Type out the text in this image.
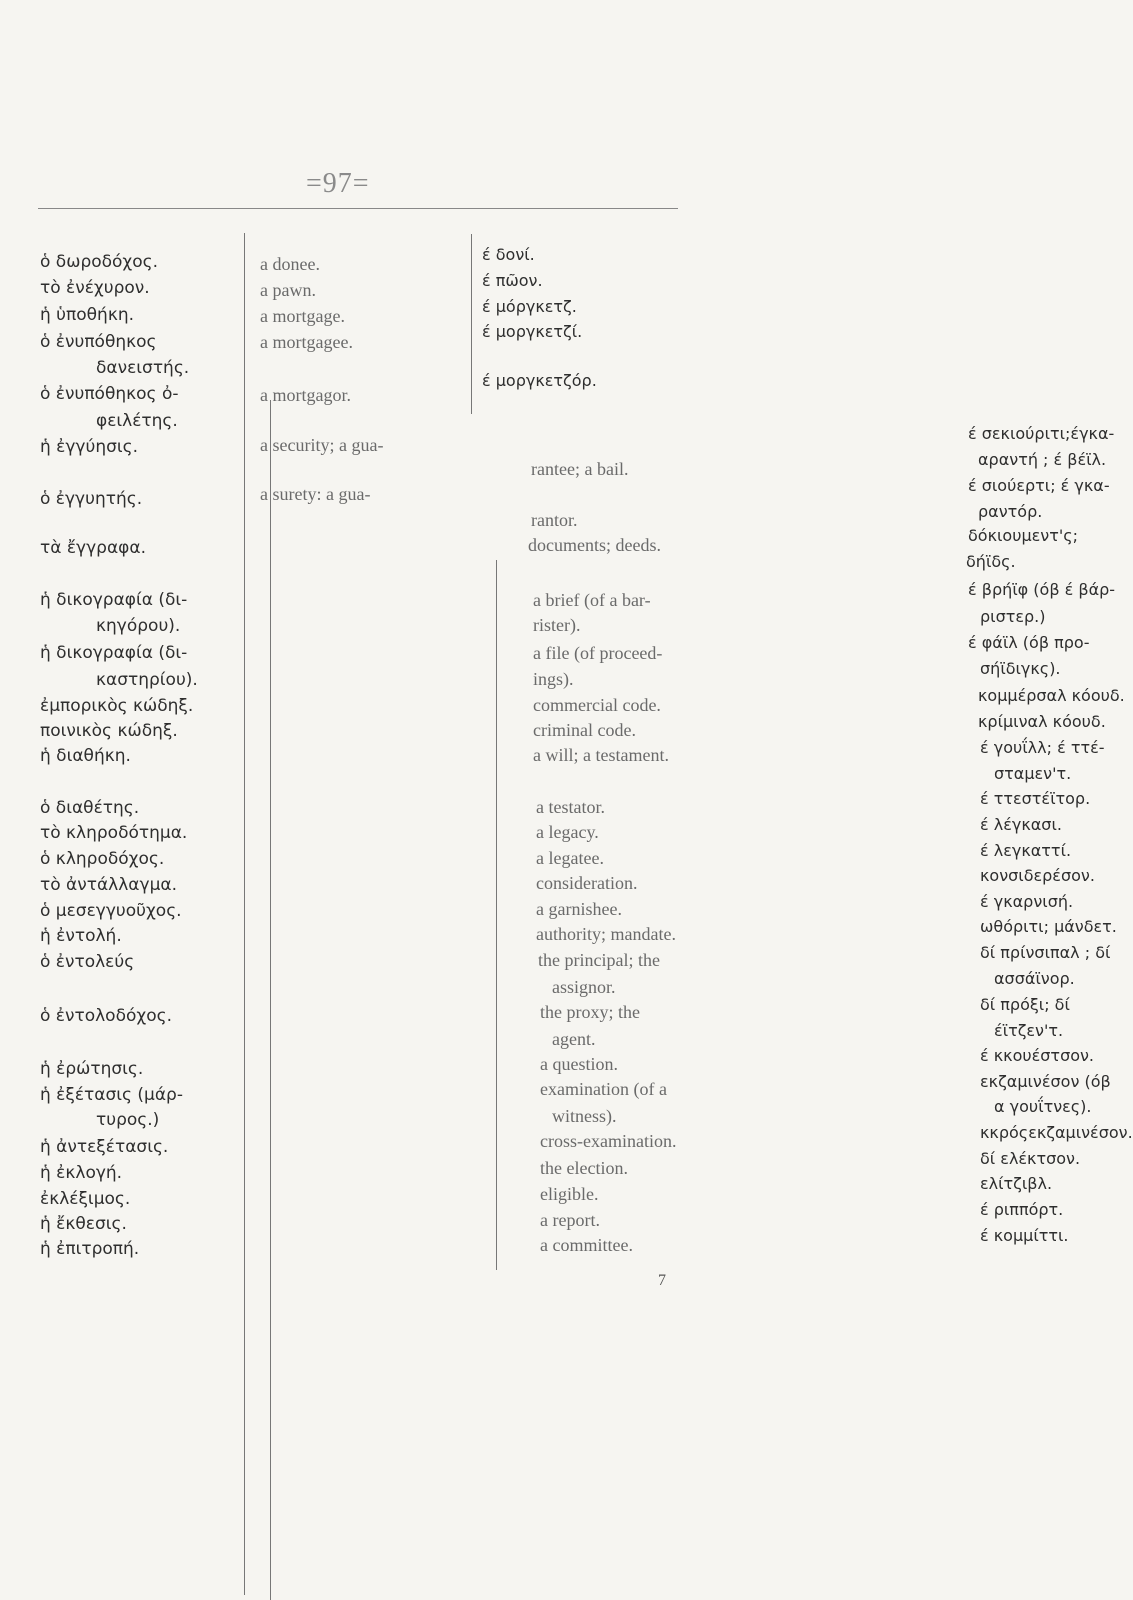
=97=
ὁ δωροδόχος.
τὸ ἐνέχυρον.
ἡ ὑποθήκη.
ὁ ἐνυπόθηκος
δανειστής.
ὁ ἐνυπόθηκος ὀ-
φειλέτης.
ἡ ἐγγύησις.
ὁ ἐγγυητής.
τὰ ἔγγραφα.
ἡ δικογραφία (δι-
κηγόρου).
ἡ δικογραφία (δι-
καστηρίου).
ἐμπορικὸς κώδηξ.
ποινικὸς κώδηξ.
ἡ διαθήκη.
ὁ διαθέτης.
τὸ κληροδότημα.
ὁ κληροδόχος.
τὸ ἀντάλλαγμα.
ὁ μεσεγγυοῦχος.
ἡ ἐντολή.
ὁ ἐντολεύς
ὁ ἐντολοδόχος.
ἡ ἐρώτησις.
ἡ ἐξέτασις (μάρ-
τυρος.)
ἡ ἀντεξέτασις.
ἡ ἐκλογή.
ἐκλέξιμος.
ἡ ἔκθεσις.
ἡ ἐπιτροπή.
a donee.
a pawn.
a mortgage.
a mortgagee.
a mortgagor.
a security; a gua-
rantee; a bail.
a surety: a gua-
rantor.
documents; deeds.
a brief (of a bar-
rister).
a file (of proceed-
ings).
commercial code.
criminal code.
a will; a testament.
a testator.
a legacy.
a legatee.
consideration.
a garnishee.
authority; mandate.
the principal; the
assignor.
the proxy; the
agent.
a question.
examination (of a
witness).
cross-examination.
the election.
eligible.
a report.
a committee.
έ δονί.
έ πῶον.
έ μόργκετζ.
έ μοργκετζί.
έ μοργκετζόρ.
έ σεκιούριτι;έγκα-
αραντή ; έ βέϊλ.
έ σιούερτι; έ γκα-
ραντόρ.
δόκιουμεντ'ς;
δήϊδς.
έ βρήϊφ (όβ έ βάρ-
ριστερ.)
έ φάϊλ (όβ προ-
σήϊδιγκς).
κομμέρσαλ κόουδ.
κρίμιναλ κόουδ.
έ γουΐλλ; έ ττέ-
σταμεν'τ.
έ ττεστέϊτορ.
έ λέγκασι.
έ λεγκαττί.
κονσιδερέσον.
έ γκαρνισή.
ωθόριτι; μάνδετ.
δί πρίνσιπαλ ; δί
ασσάϊνορ.
δί πρόξι; δί
έϊτζεν'τ.
έ κκουέστσον.
εκζαμινέσον (όβ
α γουΐτνες).
κκρόςεκζαμινέσον.
δί ελέκτσον.
ελίτζιβλ.
έ ριππόρτ.
έ κομμίττι.
7
